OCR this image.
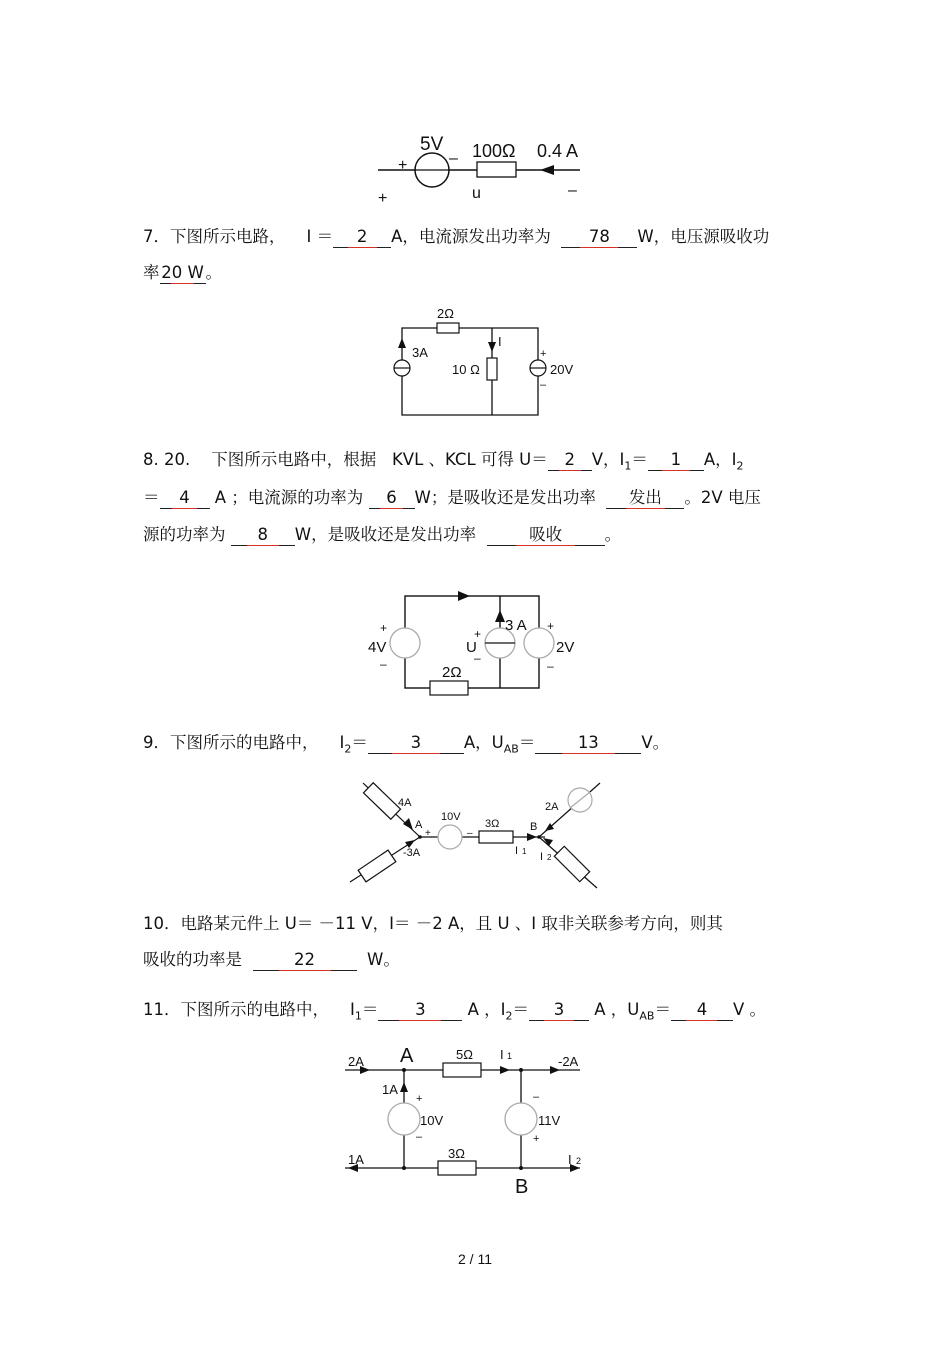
5V
+	– 100Ω 0.4 A
+	u	–
7．下图所示电路， I ＝ 2 A，电流源发出功率为 78 W，电压源吸收功
率 20 W 。
2Ω
I
3A
10 Ω
+
20V
–
8. 20. 下图所示电路中，根据 KVL 、KCL 可得 U＝ 2 V，$I_1= 1$ A，$I_2$
＝ 4 A ；电流源的功率为 6 W；是吸收还是发出功率 发出 。2V 电压
源的功率为 8 W，是吸收还是发出功率	吸收	。
+
4V
–	2Ω
+
U
–
3 A +
2V
–
9．下图所示的电路中， $I_2=$	3	A，$U_{AB}=$	13	V。
4A
A
+
10V
–
3Ω	B
-3A	I 1
2A
I 2
10．电路某元件上 U＝ －11 V，I＝ －2 A，且 U 、I 取非关联参考方向，则其
吸收的功率是	22	W。
11．下图所示的电路中， $I_1= 3$	A ，$I_2= 3$ A ，$U_{AB}= 4$ V 。
2A A	5Ω I 1	-2A
1A
+
10V
–
–
11V
+
1A	3Ω	I 2
B
2 / 11
